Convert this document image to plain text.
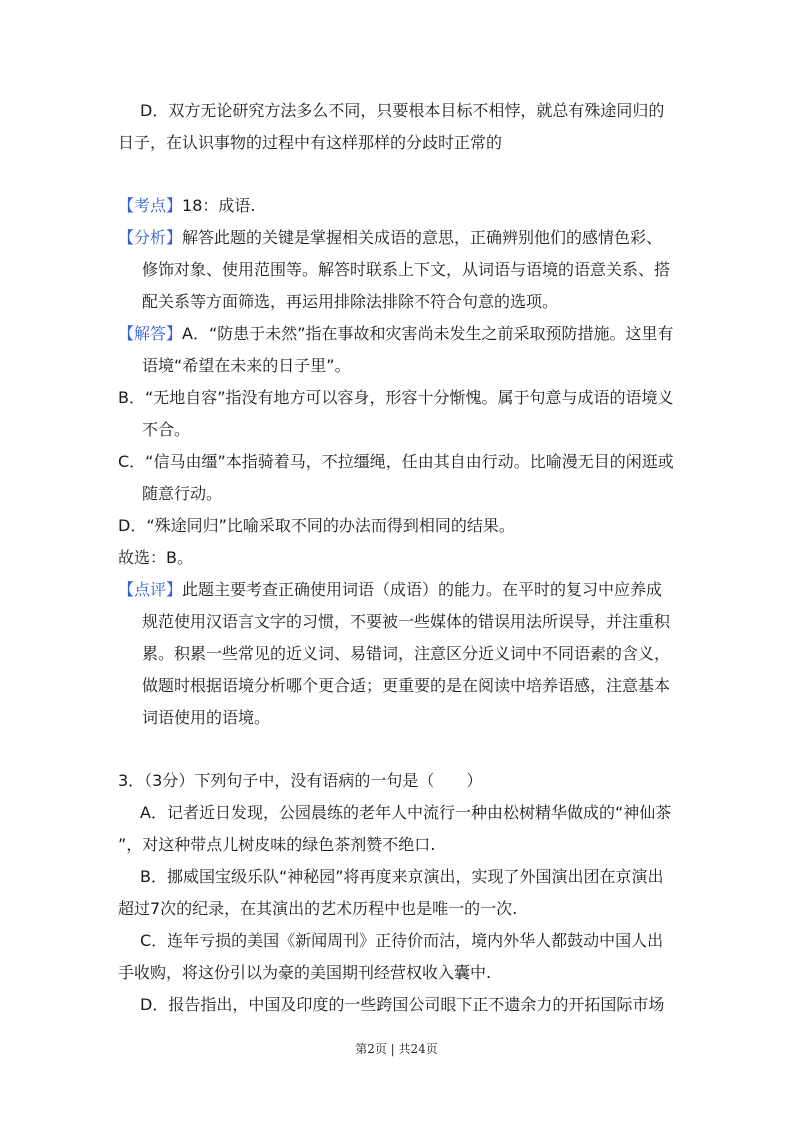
D．双方无论研究方法多么不同，只要根本目标不相悖，就总有殊途同归的
日子，在认识事物的过程中有这样那样的分歧时正常的
【考点】18：成语.
【分析】解答此题的关键是掌握相关成语的意思，正确辨别他们的感情色彩、
修饰对象、使用范围等。解答时联系上下文，从词语与语境的语意关系、搭
配关系等方面筛选，再运用排除法排除不符合句意的选项。
【解答】A．“防患于未然”指在事故和灾害尚未发生之前采取预防措施。这里有
语境“希望在未来的日子里”。
B．“无地自容”指没有地方可以容身，形容十分惭愧。属于句意与成语的语境义
不合。
C．“信马由缰”本指骑着马，不拉缰绳，任由其自由行动。比喻漫无目的闲逛或
随意行动。
D．“殊途同归”比喻采取不同的办法而得到相同的结果。
故选：B。
【点评】此题主要考查正确使用词语（成语）的能力。在平时的复习中应养成
规范使用汉语言文字的习惯，不要被一些媒体的错误用法所误导，并注重积
累。积累一些常见的近义词、易错词，注意区分近义词中不同语素的含义，
做题时根据语境分析哪个更合适；更重要的是在阅读中培养语感，注意基本
词语使用的语境。
3．（3分）下列句子中，没有语病的一句是（　　）
A．记者近日发现，公园晨练的老年人中流行一种由松树精华做成的“神仙茶
”，对这种带点儿树皮味的绿色茶剂赞不绝口.
B．挪威国宝级乐队“神秘园”将再度来京演出，实现了外国演出团在京演出
超过7次的纪录，在其演出的艺术历程中也是唯一的一次.
C．连年亏损的美国《新闻周刊》正待价而沽，境内外华人都鼓动中国人出
手收购，将这份引以为豪的美国期刊经营权收入囊中.
D．报告指出，中国及印度的一些跨国公司眼下正不遗余力的开拓国际市场
第2页 | 共24页
